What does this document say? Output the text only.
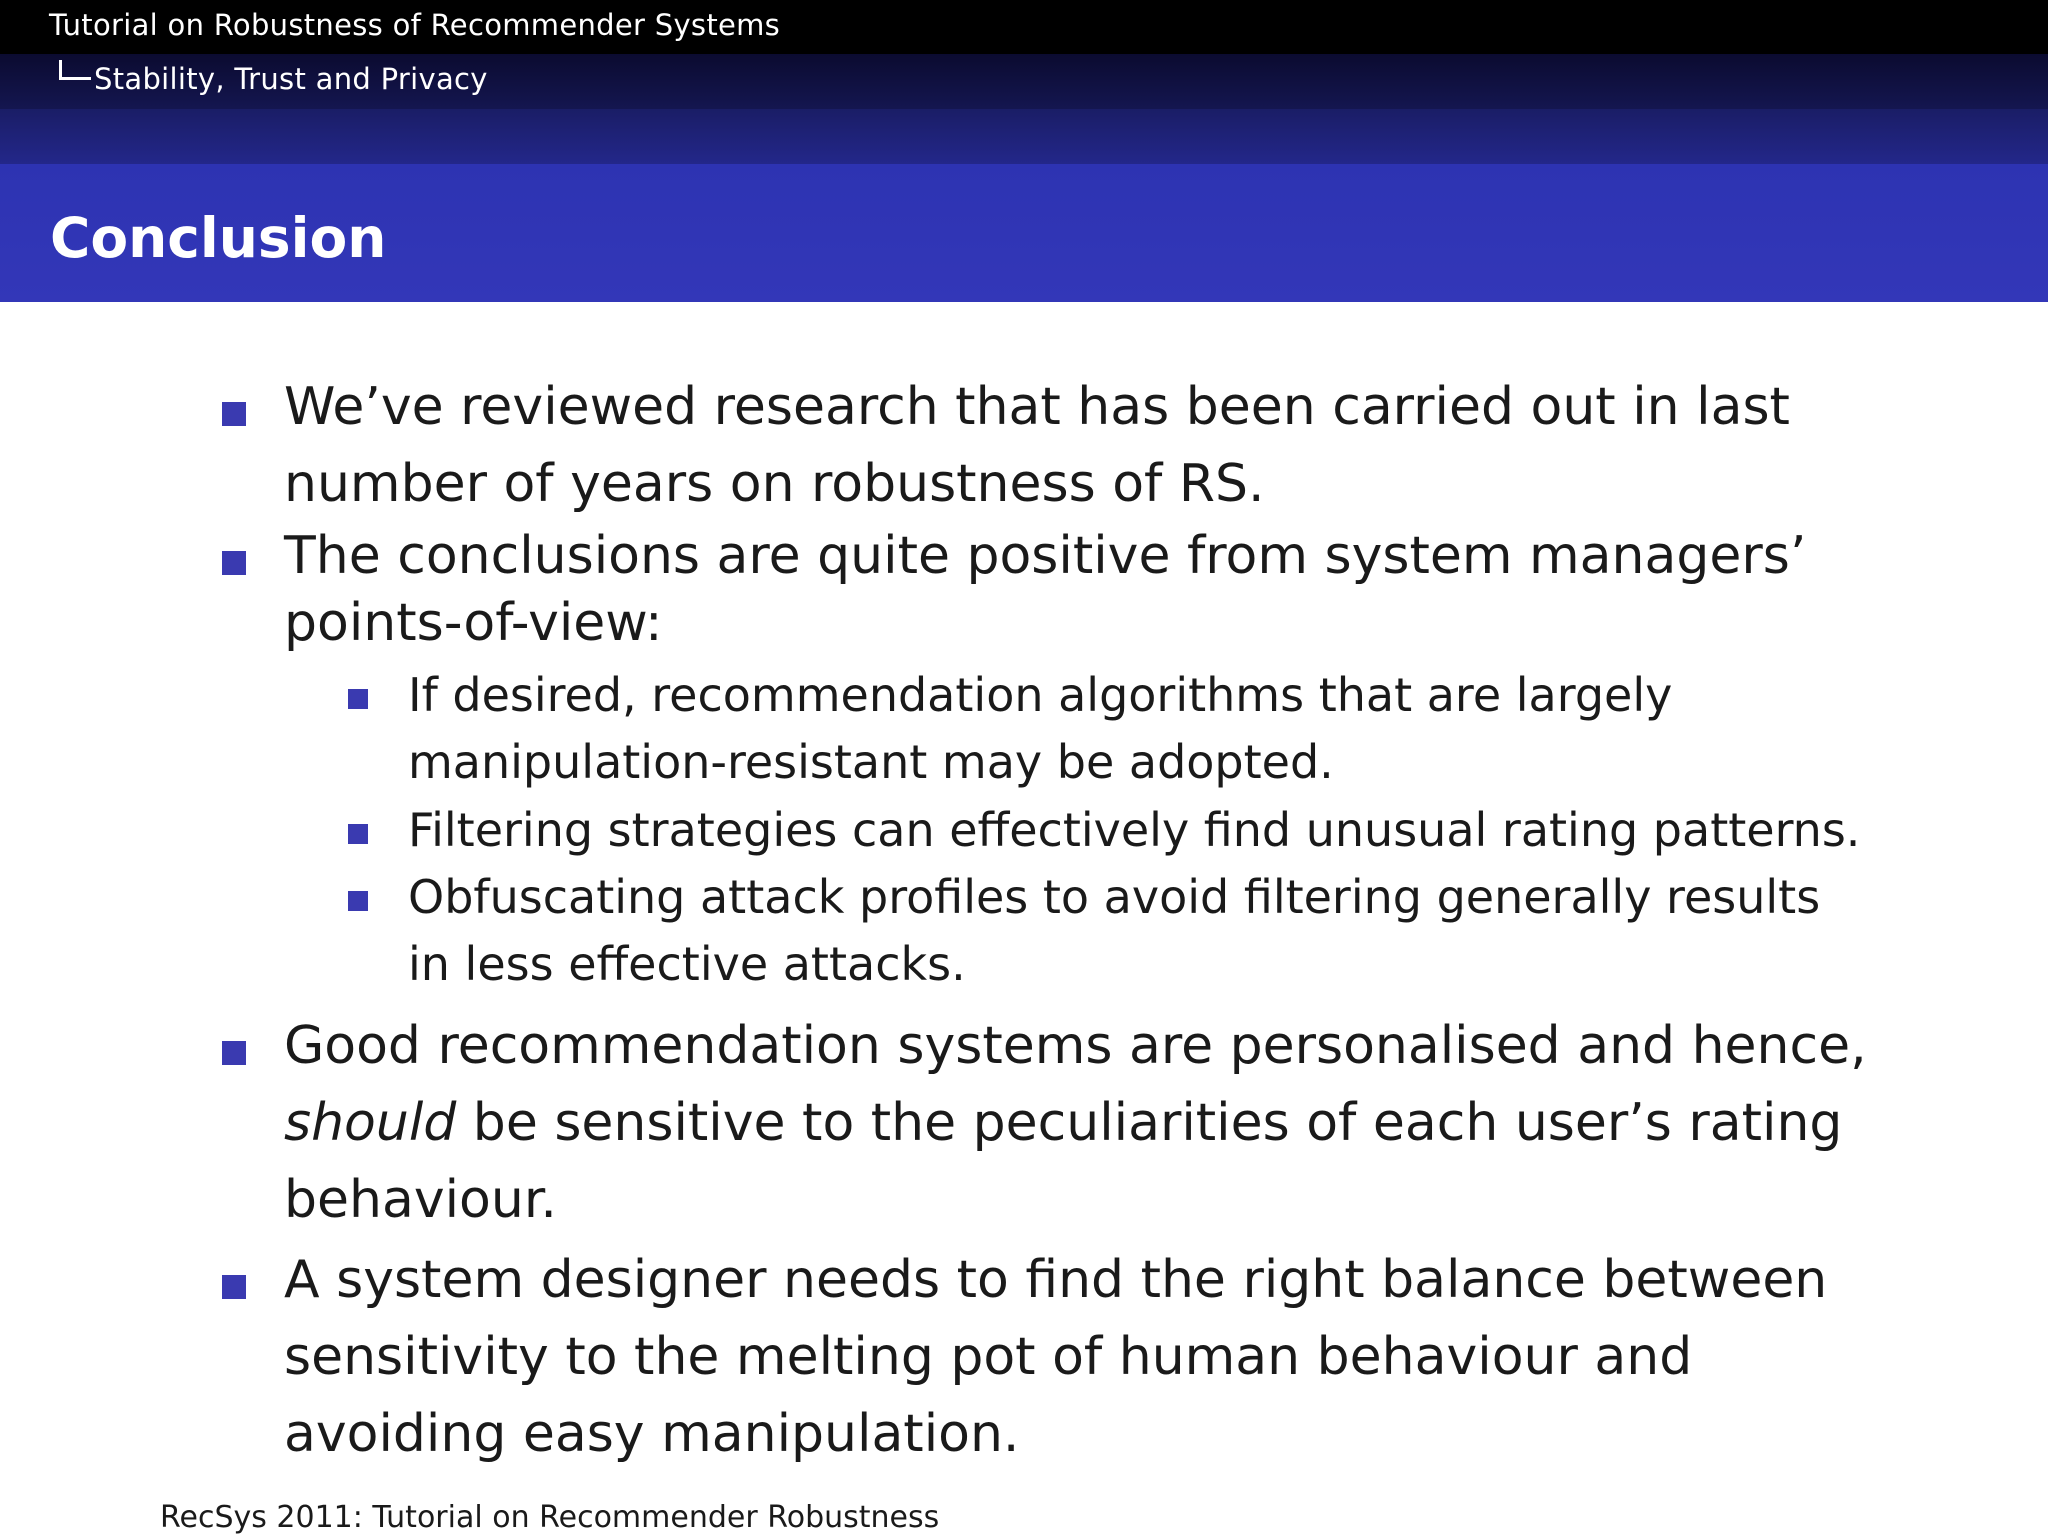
Tutorial on Robustness of Recommender Systems
Stability, Trust and Privacy
Conclusion
We’ve reviewed research that has been carried out in last
number of years on robustness of RS.
The conclusions are quite positive from system managers’
points-of-view:
If desired, recommendation algorithms that are largely
manipulation-resistant may be adopted.
Filtering strategies can effectively find unusual rating patterns.
Obfuscating attack profiles to avoid filtering generally results
in less effective attacks.
Good recommendation systems are personalised and hence,
should be sensitive to the peculiarities of each user’s rating
behaviour.
A system designer needs to find the right balance between
sensitivity to the melting pot of human behaviour and
avoiding easy manipulation.
RecSys 2011: Tutorial on Recommender Robustness
